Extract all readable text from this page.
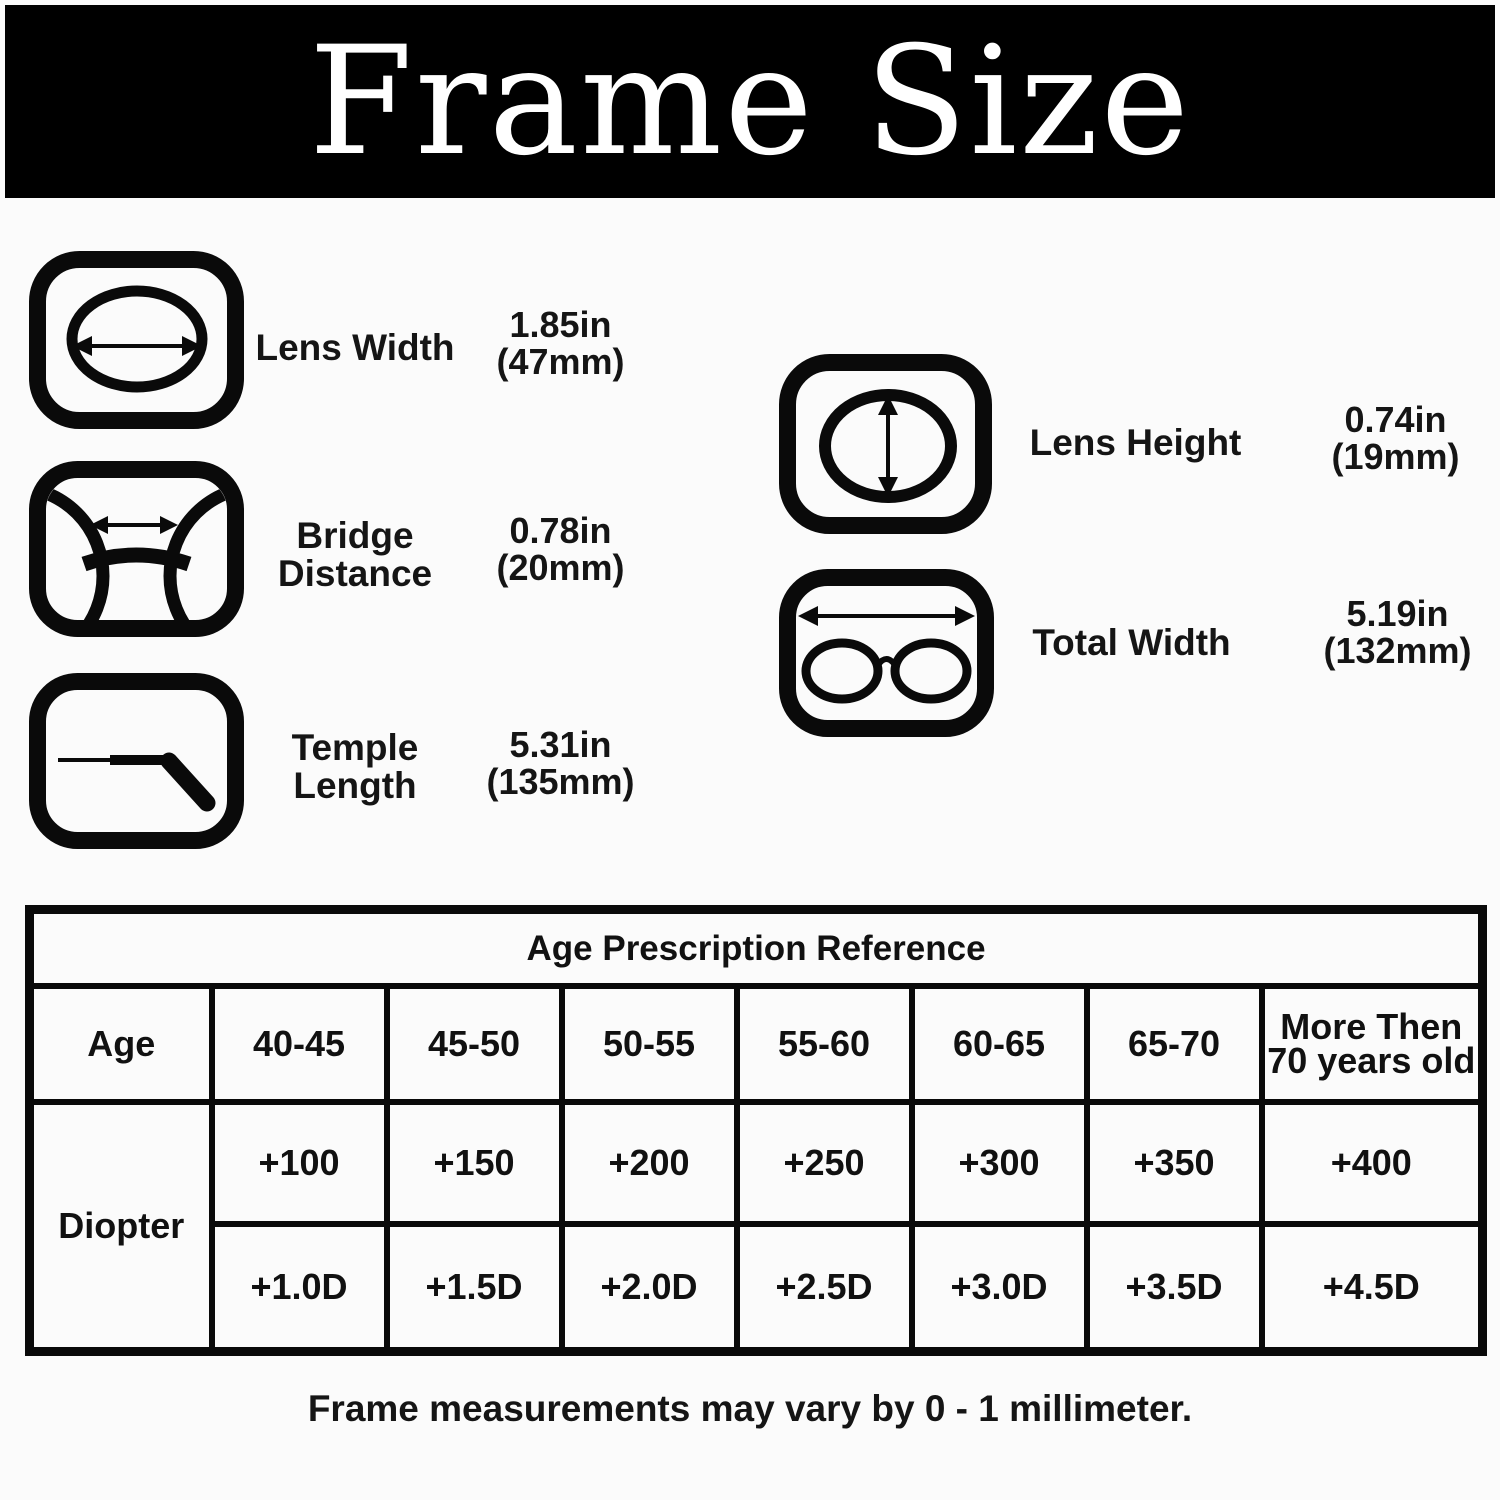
Frame Size
Lens Width
1.85in
(47mm)
Bridge
Distance
0.78in
(20mm)
Temple
Length
5.31in
(135mm)
Lens Height
0.74in
(19mm)
Total Width
5.19in
(132mm)
Age Prescription Reference							
Age	40-45	45-50	50-55	55-60	60-65	65-70	More Then 70 years old
Diopter	+100	+150	+200	+250	+300	+350	+400
	+1.0D	+1.5D	+2.0D	+2.5D	+3.0D	+3.5D	+4.5D
Frame measurements may vary by 0 - 1 millimeter.
